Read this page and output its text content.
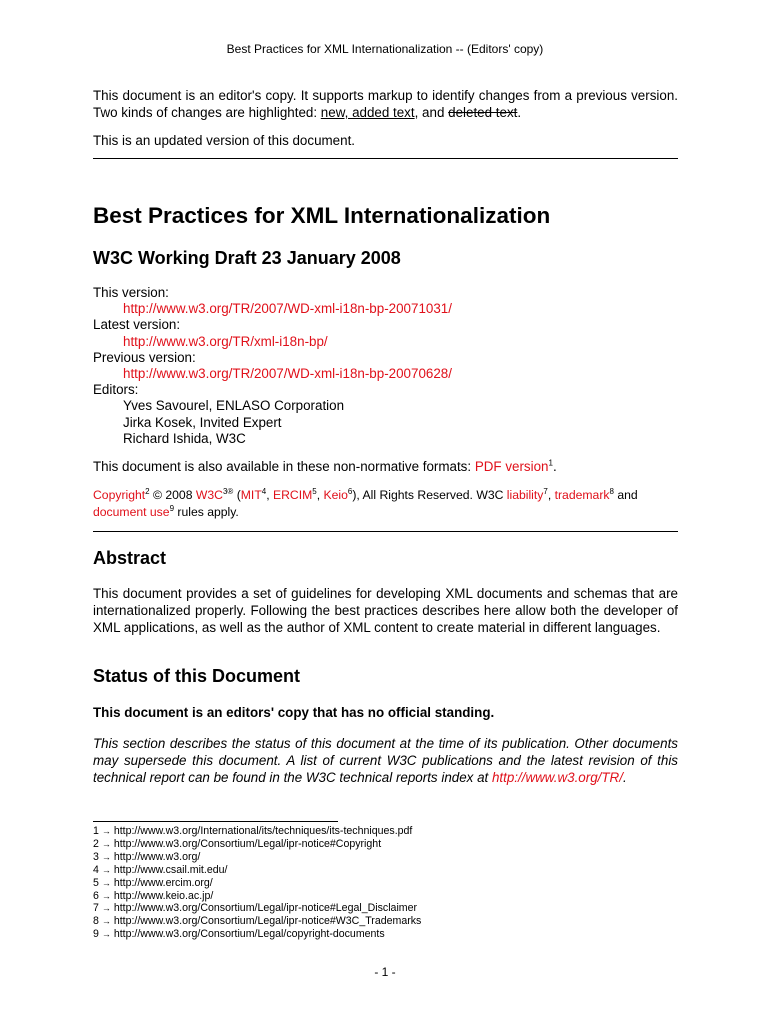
Best Practices for XML Internationalization -- (Editors' copy)
This document is an editor's copy. It supports markup to identify changes from a previous version. Two kinds of changes are highlighted: new, added text, and deleted text.
This is an updated version of this document.
Best Practices for XML Internationalization
W3C Working Draft 23 January 2008
This version:
http://www.w3.org/TR/2007/WD-xml-i18n-bp-20071031/
Latest version:
http://www.w3.org/TR/xml-i18n-bp/
Previous version:
http://www.w3.org/TR/2007/WD-xml-i18n-bp-20070628/
Editors:
Yves Savourel, ENLASO Corporation
Jirka Kosek, Invited Expert
Richard Ishida, W3C
This document is also available in these non-normative formats: PDF version$^1$.
Copyright$^2$ © 2008 $W3C^{3®}$ (MIT$^4$, ERCIM$^5$, Keio$^6$), All Rights Reserved. W3C liability$^7$, trademark$^8$ and document use$^9$ rules apply.
Abstract
This document provides a set of guidelines for developing XML documents and schemas that are internationalized properly. Following the best practices describes here allow both the developer of XML applications, as well as the author of XML content to create material in different languages.
Status of this Document
This document is an editors' copy that has no official standing.
This section describes the status of this document at the time of its publication. Other documents may supersede this document. A list of current W3C publications and the latest revision of this technical report can be found in the W3C technical reports index at http://www.w3.org/TR/.
1 → http://www.w3.org/International/its/techniques/its-techniques.pdf
2 → http://www.w3.org/Consortium/Legal/ipr-notice#Copyright
3 → http://www.w3.org/
4 → http://www.csail.mit.edu/
5 → http://www.ercim.org/
6 → http://www.keio.ac.jp/
7 → http://www.w3.org/Consortium/Legal/ipr-notice#Legal_Disclaimer
8 → http://www.w3.org/Consortium/Legal/ipr-notice#W3C_Trademarks
9 → http://www.w3.org/Consortium/Legal/copyright-documents
- 1 -
